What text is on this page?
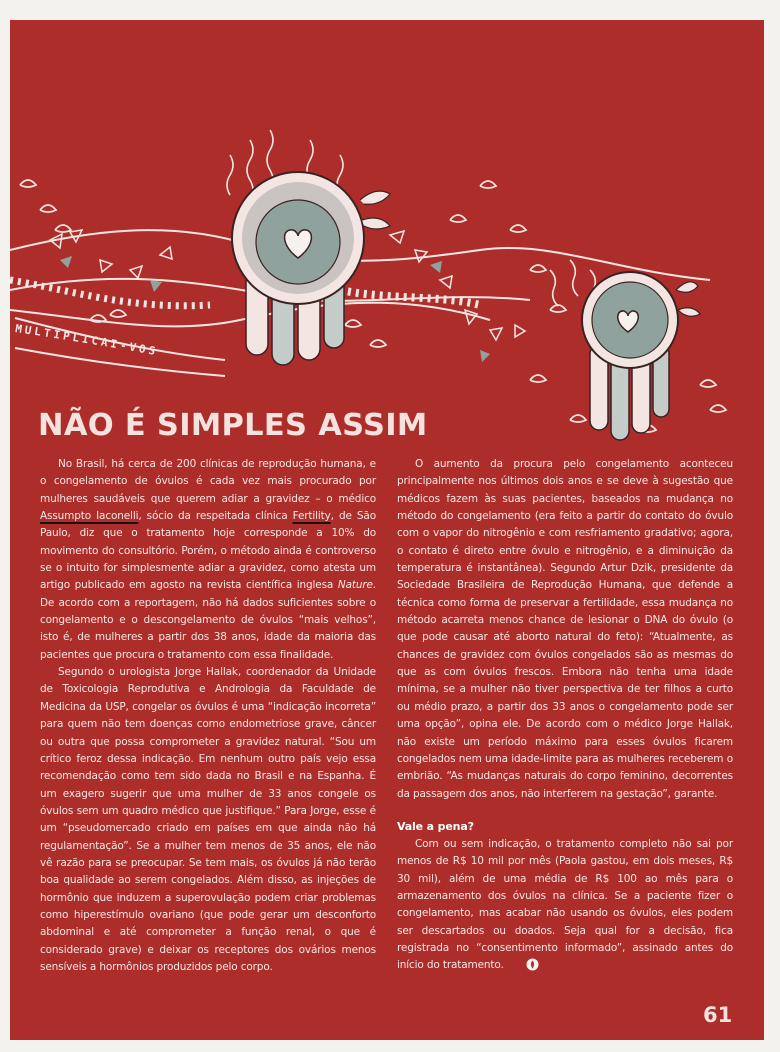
MULTIPLICAI-VOS
NÃO É SIMPLES ASSIM

No Brasil, há cerca de 200 clínicas de reprodução humana, e o congelamento de óvulos é cada vez mais procurado por mulheres saudáveis que querem adiar a gravidez – o médico Assumpto Iaconelli, sócio da respeitada clínica Fertility, de São Paulo, diz que o tratamento hoje corresponde a 10% do movimento do consultório. Porém, o método ainda é controverso se o intuito for simplesmente adiar a gravidez, como atesta um artigo publicado em agosto na revista científica inglesa Nature. De acordo com a reportagem, não há dados suficientes sobre o congelamento e o descongelamento de óvulos “mais velhos”, isto é, de mulheres a partir dos 38 anos, idade da maioria das pacientes que procura o tratamento com essa finalidade.

Segundo o urologista Jorge Hallak, coordenador da Unidade de Toxicologia Reprodutiva e Andrologia da Faculdade de Medicina da USP, congelar os óvulos é uma “indicação incorreta” para quem não tem doenças como endometriose grave, câncer ou outra que possa comprometer a gravidez natural. “Sou um crítico feroz dessa indicação. Em nenhum outro país vejo essa recomendação como tem sido dada no Brasil e na Espanha. É um exagero sugerir que uma mulher de 33 anos congele os óvulos sem um quadro médico que justifique.” Para Jorge, esse é um “pseudomercado criado em países em que ainda não há regulamentação”. Se a mulher tem menos de 35 anos, ele não vê razão para se preocupar. Se tem mais, os óvulos já não terão boa qualidade ao serem congelados. Além disso, as injeções de hormônio que induzem a superovulação podem criar problemas como hiperestímulo ovariano (que pode gerar um desconforto abdominal e até comprometer a função renal, o que é considerado grave) e deixar os receptores dos ovários menos sensíveis a hormônios produzidos pelo corpo.

O aumento da procura pelo congelamento aconteceu principalmente nos últimos dois anos e se deve à sugestão que médicos fazem às suas pacientes, baseados na mudança no método do congelamento (era feito a partir do contato do óvulo com o vapor do nitrogênio e com resfriamento gradativo; agora, o contato é direto entre óvulo e nitrogênio, e a diminuição da temperatura é instantânea). Segundo Artur Dzik, presidente da Sociedade Brasileira de Reprodução Humana, que defende a técnica como forma de preservar a fertilidade, essa mudança no método acarreta menos chance de lesionar o DNA do óvulo (o que pode causar até aborto natural do feto): “Atualmente, as chances de gravidez com óvulos congelados são as mesmas do que as com óvulos frescos. Embora não tenha uma idade mínima, se a mulher não tiver perspectiva de ter filhos a curto ou médio prazo, a partir dos 33 anos o congelamento pode ser uma opção”, opina ele. De acordo com o médico Jorge Hallak, não existe um período máximo para esses óvulos ficarem congelados nem uma idade-limite para as mulheres receberem o embrião. “As mudanças naturais do corpo feminino, decorrentes da passagem dos anos, não interferem na gestação”, garante.

Vale a pena?

Com ou sem indicação, o tratamento completo não sai por menos de R$ 10 mil por mês (Paola gastou, em dois meses, R$ 30 mil), além de uma média de R$ 100 ao mês para o armazenamento dos óvulos na clínica. Se a paciente fizer o congelamento, mas acabar não usando os óvulos, eles podem ser descartados ou doados. Seja qual for a decisão, fica registrada no “consentimento informado”, assinado antes do início do tratamento.

61
